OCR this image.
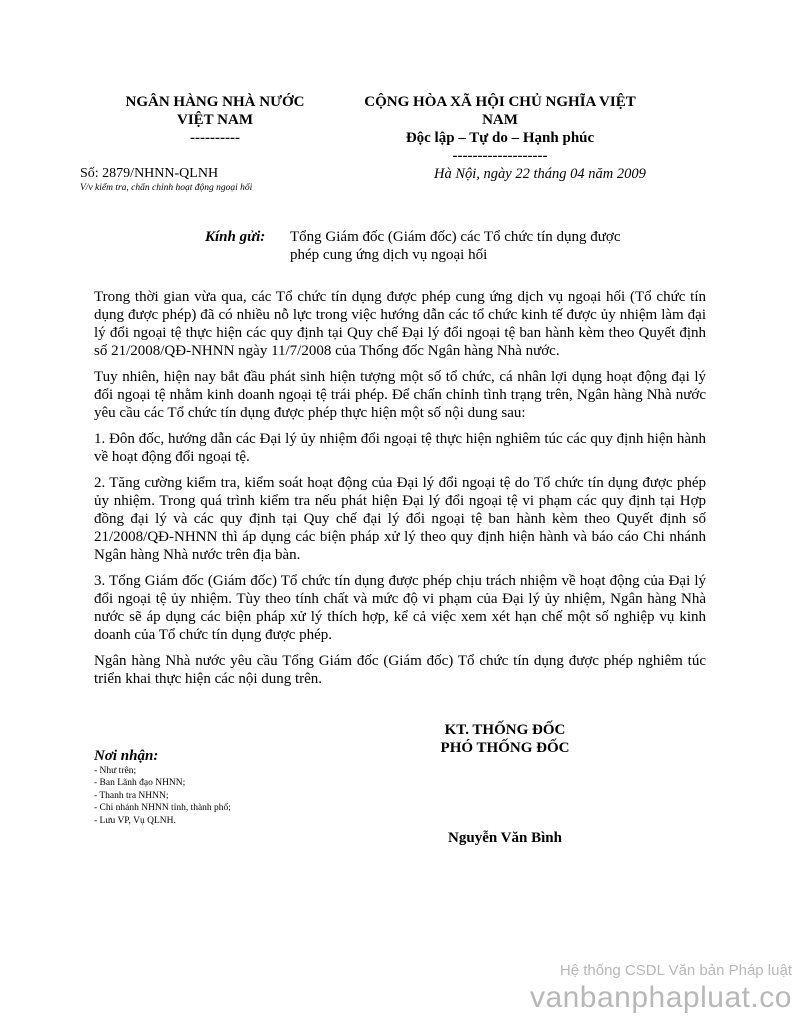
NGÂN HÀNG NHÀ NƯỚC
VIỆT NAM
----------
CỘNG HÒA XÃ HỘI CHỦ NGHĨA VIỆT
NAM
Độc lập – Tự do – Hạnh phúc
-------------------
Số: 2879/NHNN-QLNH
V/v kiểm tra, chấn chỉnh hoạt động ngoại hối
Hà Nội, ngày 22 tháng 04 năm 2009
Kính gửi: Tổng Giám đốc (Giám đốc) các Tổ chức tín dụng được
phép cung ứng dịch vụ ngoại hối

Trong thời gian vừa qua, các Tổ chức tín dụng được phép cung ứng dịch vụ ngoại hối (Tổ chức tín dụng được phép) đã có nhiều nỗ lực trong việc hướng dẫn các tổ chức kinh tế được ủy nhiệm làm đại lý đổi ngoại tệ thực hiện các quy định tại Quy chế Đại lý đổi ngoại tệ ban hành kèm theo Quyết định số 21/2008/QĐ-NHNN ngày 11/7/2008 của Thống đốc Ngân hàng Nhà nước.

Tuy nhiên, hiện nay bắt đầu phát sinh hiện tượng một số tổ chức, cá nhân lợi dụng hoạt động đại lý đổi ngoại tệ nhằm kinh doanh ngoại tệ trái phép. Để chấn chỉnh tình trạng trên, Ngân hàng Nhà nước yêu cầu các Tổ chức tín dụng được phép thực hiện một số nội dung sau:

1. Đôn đốc, hướng dẫn các Đại lý ủy nhiệm đổi ngoại tệ thực hiện nghiêm túc các quy định hiện hành về hoạt động đổi ngoại tệ.

2. Tăng cường kiểm tra, kiểm soát hoạt động của Đại lý đổi ngoại tệ do Tổ chức tín dụng được phép ủy nhiệm. Trong quá trình kiểm tra nếu phát hiện Đại lý đổi ngoại tệ vi phạm các quy định tại Hợp đồng đại lý và các quy định tại Quy chế đại lý đổi ngoại tệ ban hành kèm theo Quyết định số 21/2008/QĐ-NHNN thì áp dụng các biện pháp xử lý theo quy định hiện hành và báo cáo Chi nhánh Ngân hàng Nhà nước trên địa bàn.

3. Tổng Giám đốc (Giám đốc) Tổ chức tín dụng được phép chịu trách nhiệm về hoạt động của Đại lý đổi ngoại tệ ủy nhiệm. Tùy theo tính chất và mức độ vi phạm của Đại lý ủy nhiệm, Ngân hàng Nhà nước sẽ áp dụng các biện pháp xử lý thích hợp, kể cả việc xem xét hạn chế một số nghiệp vụ kinh doanh của Tổ chức tín dụng được phép.

Ngân hàng Nhà nước yêu cầu Tổng Giám đốc (Giám đốc) Tổ chức tín dụng được phép nghiêm túc triển khai thực hiện các nội dung trên.

KT. THỐNG ĐỐC
PHÓ THỐNG ĐỐC
Nguyễn Văn Bình
Nơi nhận:
- Như trên;
- Ban Lãnh đạo NHNN;
- Thanh tra NHNN;
- Chi nhánh NHNN tỉnh, thành phố;
- Lưu VP, Vụ QLNH.
Hệ thống CSDL Văn bản Pháp luật
vanbanphapluat.co
